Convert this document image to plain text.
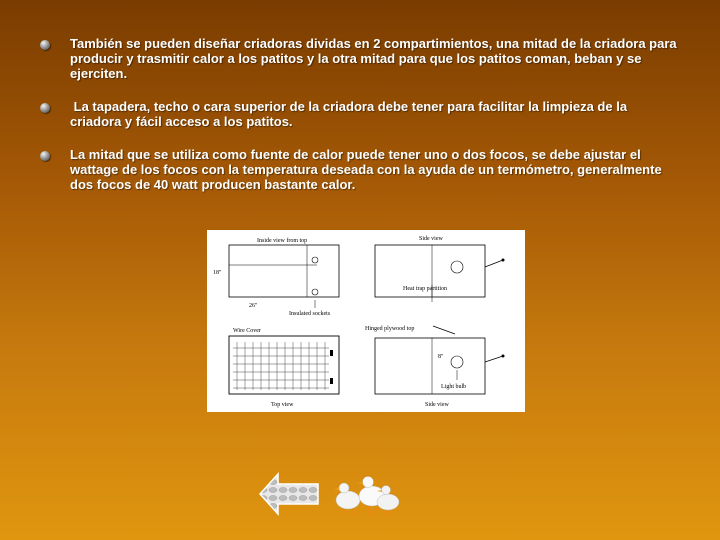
También se pueden diseñar criadoras dividas en 2 compartimientos, una mitad de la criadora para producir y trasmitir calor a los patitos y la otra mitad para que los patitos coman, beban y se ejerciten.
La tapadera, techo o cara superior de la criadora debe tener para facilitar la limpieza de la criadora y fácil acceso a los patitos.
La mitad que se utiliza como fuente de calor puede tener uno o dos focos, se debe ajustar el wattage de los focos con la temperatura deseada con la ayuda de un termómetro, generalmente dos focos de 40 watt producen bastante calor.
Inside view from top
18"
26"
Insulated sockets
Side view
Heat trap partition
Wire Cover
Top view
Hinged plywood top
8"
Light bulb
Side view
